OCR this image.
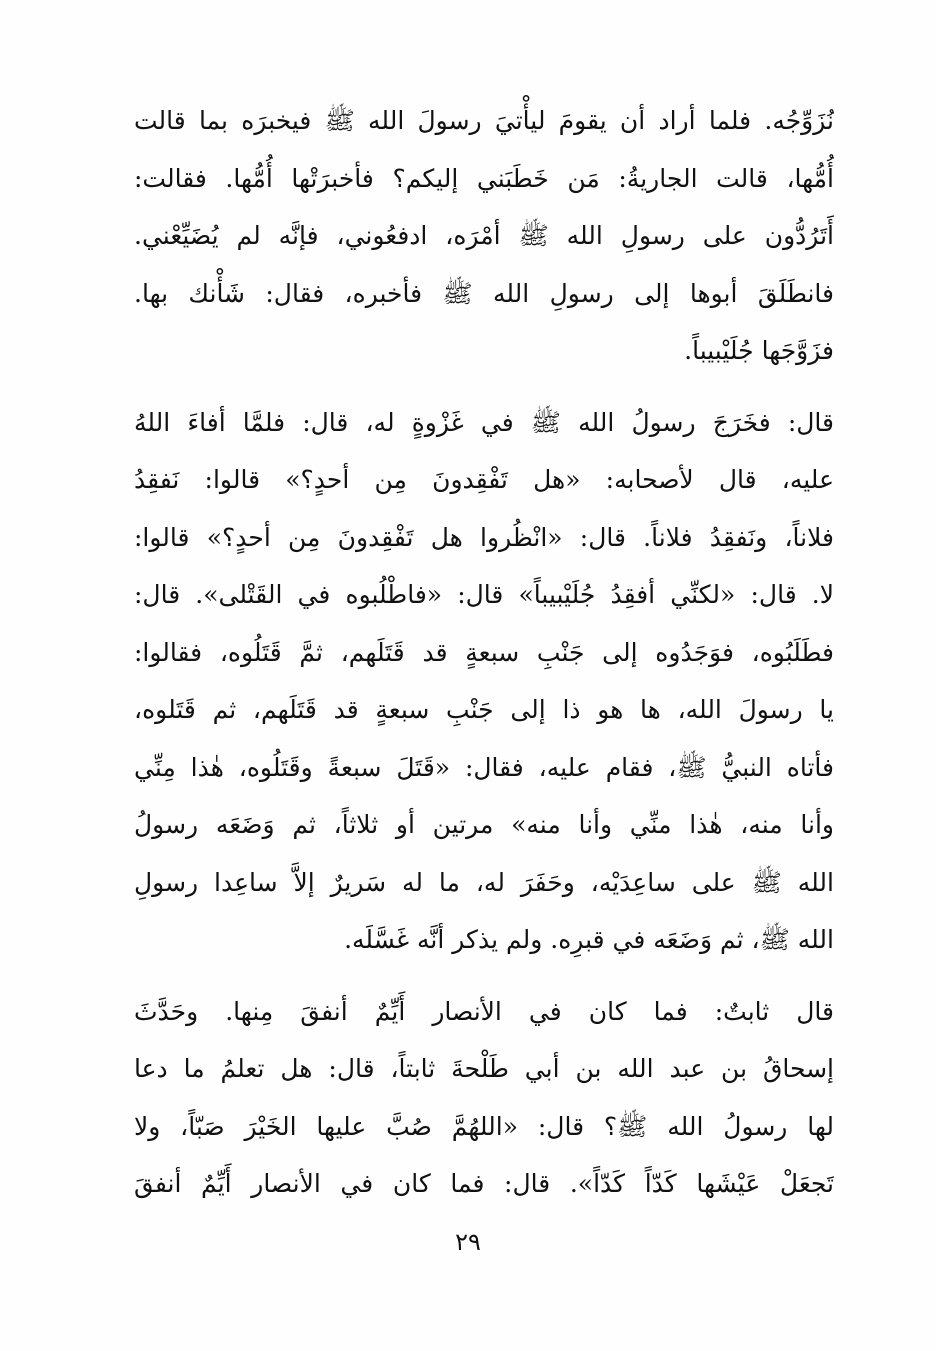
نُزَوِّجُه. فلما أراد أن يقومَ ليأْتيَ رسولَ الله ﷺ فيخبرَه بما قالت
أُمُّها، قالت الجاريةُ: مَن خَطَبَني إليكم؟ فأخبرَتْها أُمُّها. فقالت:
أَتَرُدُّون على رسولِ الله ﷺ أمْرَه، ادفعُوني، فإنَّه لم يُضَيِّعْني.
فانطَلَقَ أبوها إلى رسولِ الله ﷺ فأخبره، فقال: شَأْنك بها.
فزَوَّجَها جُلَيْبيباً.
قال: فخَرَجَ رسولُ الله ﷺ في غَزْوةٍ له، قال: فلمَّا أفاءَ اللهُ
عليه، قال لأصحابه: «هل تَفْقِدونَ مِن أحدٍ؟» قالوا: نَفقِدُ
فلاناً، ونَفقِدُ فلاناً. قال: «انْظُروا هل تَفْقِدونَ مِن أحدٍ؟» قالوا:
لا. قال: «لكنِّي أفقِدُ جُلَيْبيباً» قال: «فاطْلُبوه في القَتْلى». قال:
فطَلَبُوه، فوَجَدُوه إلى جَنْبِ سبعةٍ قد قَتَلَهم، ثمَّ قَتَلُوه، فقالوا:
يا رسولَ الله، ها هو ذا إلى جَنْبِ سبعةٍ قد قَتَلَهم، ثم قَتَلوه،
فأتاه النبيُّ ﷺ، فقام عليه، فقال: «قَتَلَ سبعةً وقَتَلُوه، هٰذا مِنِّي
وأنا منه، هٰذا منِّي وأنا منه» مرتين أو ثلاثاً، ثم وَضَعَه رسولُ
الله ﷺ على ساعِدَيْه، وحَفَرَ له، ما له سَريرٌ إلاَّ ساعِدا رسولِ
الله ﷺ، ثم وَضَعَه في قبرِه. ولم يذكر أنَّه غَسَّلَه.
قال ثابتٌ: فما كان في الأنصار أَيِّمٌ أنفقَ مِنها. وحَدَّثَ
إسحاقُ بن عبد الله بن أبي طَلْحةَ ثابتاً، قال: هل تعلمُ ما دعا
لها رسولُ الله ﷺ؟ قال: «اللهُمَّ صُبَّ عليها الخَيْرَ صَبّاً، ولا
تَجعَلْ عَيْشَها كَدّاً كَدّاً». قال: فما كان في الأنصار أَيِّمٌ أنفقَ
٢٩
